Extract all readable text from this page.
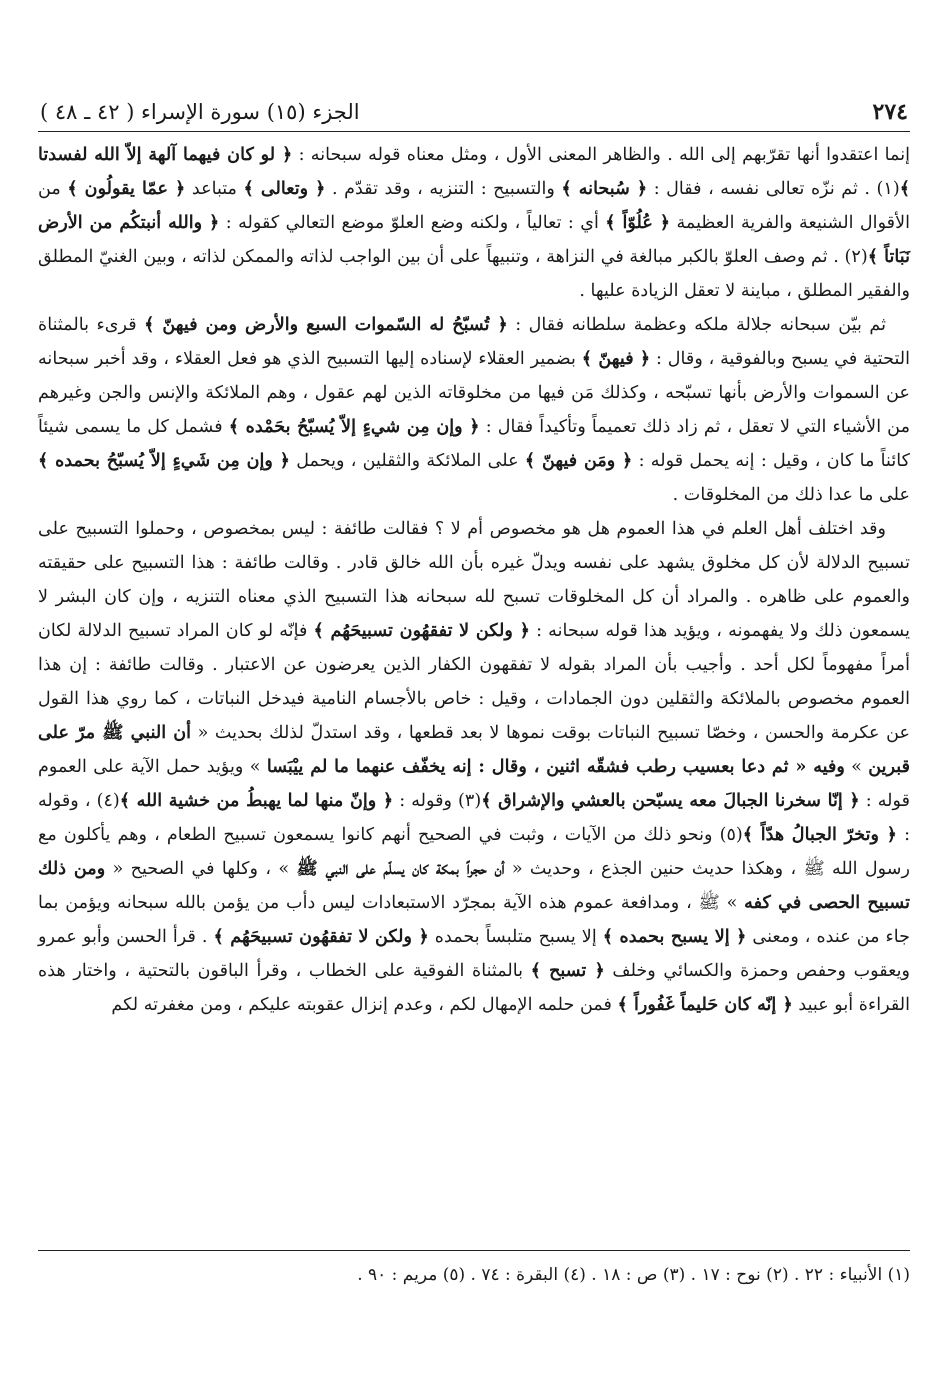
٢٧٤
الجزء (١٥) سورة الإسراء ( ٤٢ ـ ٤٨ )

إنما اعتقدوا أنها تقرّبهم إلى الله . والظاهر المعنى الأول ، ومثل معناه قوله سبحانه : ﴿ لو كان فيهما آلهة إلاّ الله لفسدتا ﴾(١) . ثم نزّه تعالى نفسه ، فقال : ﴿ سُبحانه ﴾ والتسبيح : التنزيه ، وقد تقدّم . ﴿ وتعالى ﴾ متباعد ﴿ عمّا يقولُون ﴾ من الأقوال الشنيعة والفرية العظيمة ﴿ عُلُوّاً ﴾ أي : تعالياً ، ولكنه وضع العلوّ موضع التعالي كقوله : ﴿ والله أنبتكُم من الأرض نَبَاتاً ﴾(٢) . ثم وصف العلوّ بالكبر مبالغة في النزاهة ، وتنبيهاً على أن بين الواجب لذاته والممكن لذاته ، وبين الغنيّ المطلق والفقير المطلق ، مباينة لا تعقل الزيادة عليها .

ثم بيّن سبحانه جلالة ملكه وعظمة سلطانه فقال : ﴿ تُسبّحُ له السّموات السبع والأرض ومن فيهنّ ﴾ قرىء بالمثناة التحتية في يسبح وبالفوقية ، وقال : ﴿ فيهنّ ﴾ بضمير العقلاء لإسناده إليها التسبيح الذي هو فعل العقلاء ، وقد أخبر سبحانه عن السموات والأرض بأنها تسبّحه ، وكذلك مَن فيها من مخلوقاته الذين لهم عقول ، وهم الملائكة والإنس والجن وغيرهم من الأشياء التي لا تعقل ، ثم زاد ذلك تعميماً وتأكيداً فقال : ﴿ وإن مِن شيءٍ إلاّ يُسبّحُ بحَمْده ﴾ فشمل كل ما يسمى شيئاً كائناً ما كان ، وقيل : إنه يحمل قوله : ﴿ ومَن فيهنّ ﴾ على الملائكة والثقلين ، ويحمل ﴿ وإن مِن شَيءٍ إلاّ يُسبّحُ بحمده ﴾ على ما عدا ذلك من المخلوقات .

وقد اختلف أهل العلم في هذا العموم هل هو مخصوص أم لا ؟ فقالت طائفة : ليس بمخصوص ، وحملوا التسبيح على تسبيح الدلالة لأن كل مخلوق يشهد على نفسه ويدلّ غيره بأن الله خالق قادر . وقالت طائفة : هذا التسبيح على حقيقته والعموم على ظاهره . والمراد أن كل المخلوقات تسبح لله سبحانه هذا التسبيح الذي معناه التنزيه ، وإن كان البشر لا يسمعون ذلك ولا يفهمونه ، ويؤيد هذا قوله سبحانه : ﴿ ولكن لا تفقهُون تسبيحَهُم ﴾ فإنّه لو كان المراد تسبيح الدلالة لكان أمراً مفهوماً لكل أحد . وأجيب بأن المراد بقوله لا تفقهون الكفار الذين يعرضون عن الاعتبار . وقالت طائفة : إن هذا العموم مخصوص بالملائكة والثقلين دون الجمادات ، وقيل : خاص بالأجسام النامية فيدخل النباتات ، كما روي هذا القول عن عكرمة والحسن ، وخصّا تسبيح النباتات بوقت نموها لا بعد قطعها ، وقد استدلّ لذلك بحديث « أن النبي ﷺ مرّ على قبرين » وفيه « ثم دعا بعسيب رطب فشقّه اثنين ، وقال : إنه يخفّف عنهما ما لم ييْبَسا » ويؤيد حمل الآية على العموم قوله : ﴿ إنّا سخرنا الجبالَ معه يسبّحن بالعشي والإشراق ﴾(٣) وقوله : ﴿ وإنّ منها لما يهبطُ من خشية الله ﴾(٤) ، وقوله : ﴿ وتخرّ الجبالُ هدّاً ﴾(٥) ونحو ذلك من الآيات ، وثبت في الصحيح أنهم كانوا يسمعون تسبيح الطعام ، وهم يأكلون مع رسول الله ﷺ ، وهكذا حديث حنين الجذع ، وحديث « أن حجراً بمكة كان يسلّم على النبي ﷺ » ، وكلها في الصحيح « ومن ذلك تسبيح الحصى في كفه » ﷺ ، ومدافعة عموم هذه الآية بمجرّد الاستبعادات ليس دأب من يؤمن بالله سبحانه ويؤمن بما جاء من عنده ، ومعنى ﴿ إلا يسبح بحمده ﴾ إلا يسبح متلبساً بحمده ﴿ ولكن لا تفقهُون تسبيحَهُم ﴾ . قرأ الحسن وأبو عمرو ويعقوب وحفص وحمزة والكسائي وخلف ﴿ تسبح ﴾ بالمثناة الفوقية على الخطاب ، وقرأ الباقون بالتحتية ، واختار هذه القراءة أبو عبيد ﴿ إنّه كان حَليماً غَفُوراً ﴾ فمن حلمه الإمهال لكم ، وعدم إنزال عقوبته عليكم ، ومن مغفرته لكم

(١) الأنبياء : ٢٢ . (٢) نوح : ١٧ . (٣) ص : ١٨ . (٤) البقرة : ٧٤ . (٥) مريم : ٩٠ .
